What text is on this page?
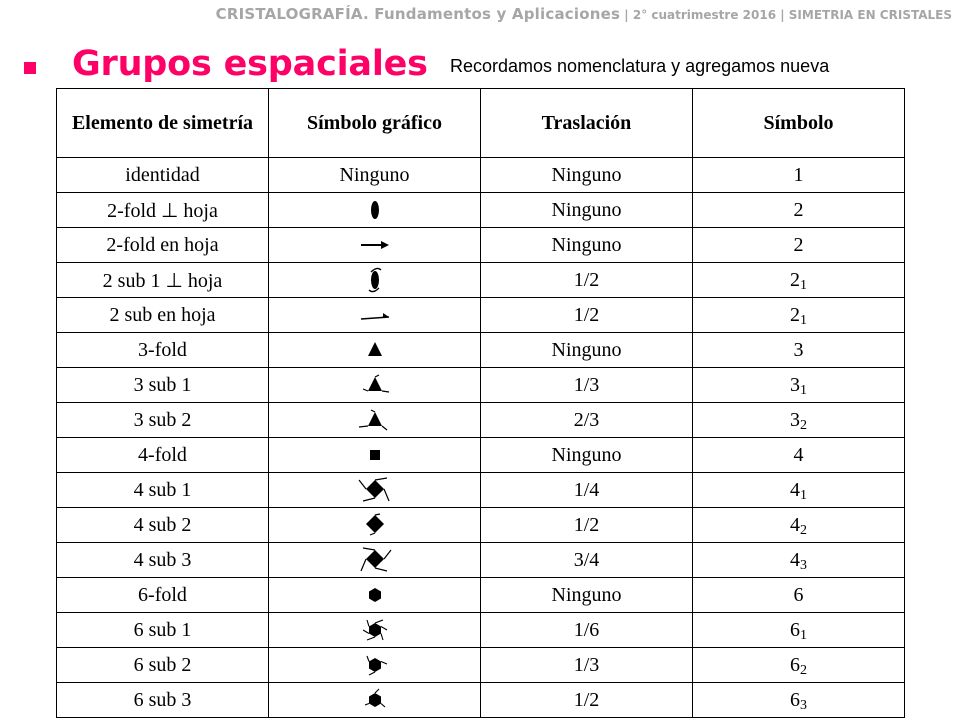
CRISTALOGRAFÍA. Fundamentos y Aplicaciones | 2° cuatrimestre 2016 | SIMETRIA EN CRISTALES
Grupos espaciales Recordamos nomenclatura y agregamos nueva
Elemento de simetría	Símbolo gráfico	Traslación	Símbolo
identidad	Ninguno	Ninguno	1
2-fold ⊥ hoja		Ninguno	2
2-fold en hoja		Ninguno	2
2 sub 1 ⊥ hoja		1/2	$2_1$
2 sub en hoja		1/2	$2_1$
3-fold		Ninguno	3
3 sub 1		1/3	$3_1$
3 sub 2		2/3	$3_2$
4-fold		Ninguno	4
4 sub 1		1/4	$4_1$
4 sub 2		1/2	$4_2$
4 sub 3		3/4	$4_3$
6-fold		Ninguno	6
6 sub 1		1/6	$6_1$
6 sub 2		1/3	$6_2$
6 sub 3		1/2	$6_3$
